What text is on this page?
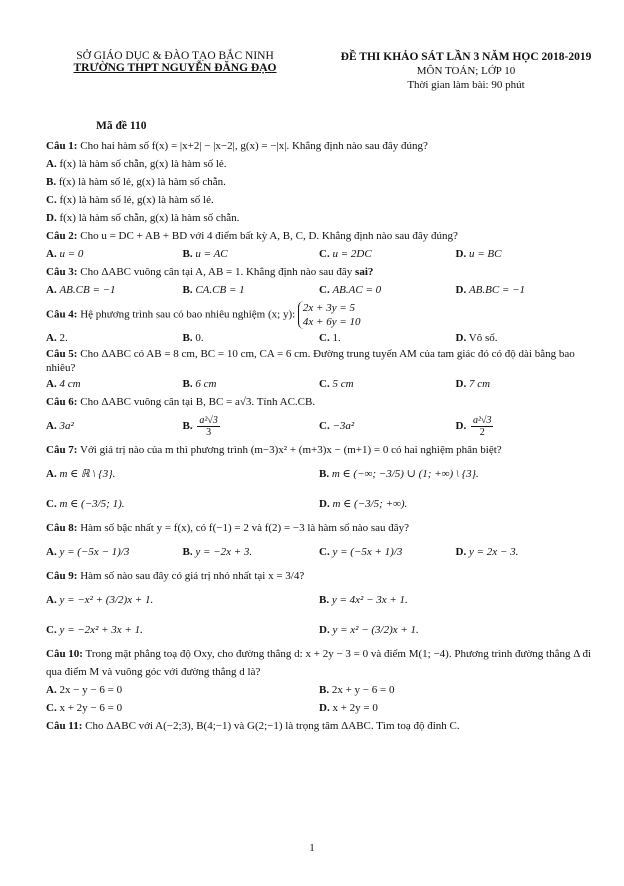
SỞ GIÁO DỤC & ĐÀO TẠO BẮC NINH
TRƯỜNG THPT NGUYỄN ĐĂNG ĐẠO
ĐỀ THI KHẢO SÁT LẦN 3 NĂM HỌC 2018-2019
MÔN TOÁN; LỚP 10
Thời gian làm bài: 90 phút
Mã đề 110

Câu 1: Cho hai hàm số f(x) = |x+2| − |x−2|, g(x) = −|x|. Khẳng định nào sau đây đúng?

A. f(x) là hàm số chẵn, g(x) là hàm số lẻ.
B. f(x) là hàm số lẻ, g(x) là hàm số chẵn.
C. f(x) là hàm số lẻ, g(x) là hàm số lẻ.
D. f(x) là hàm số chẵn, g(x) là hàm số chẵn.

Câu 2: Cho u = DC + AB + BD với 4 điểm bất kỳ A, B, C, D. Khẳng định nào sau đây đúng?

A. u = 0	B. u = AC	C. u = 2DC	D. u = BC

Câu 3: Cho ΔABC vuông cân tại A, AB = 1. Khẳng định nào sau đây sai?

A. AB.CB = −1	B. CA.CB = 1	C. AB.AC = 0	D. AB.BC = −1

Câu 4: Hệ phương trình sau có bao nhiêu nghiệm (x; y):
2x + 3y = 5
4x + 6y = 10

A. 2.	B. 0.	C. 1.	D. Vô số.

Câu 5: Cho ΔABC có AB = 8 cm, BC = 10 cm, CA = 6 cm. Đường trung tuyến AM của tam giác đó có độ dài bằng bao nhiêu?

A. 4 cm	B. 6 cm	C. 5 cm	D. 7 cm

Câu 6: Cho ΔABC vuông cân tại B, BC = a√3. Tính AC.CB.

A. 3a²	B. $\frac{\text{a²√3}}{3}$	C. −3a²	D. $\frac{\text{a²√3}}{2}$

Câu 7: Với giá trị nào của m thì phương trình (m−3)x² + (m+3)x − (m+1) = 0 có hai nghiệm phân biệt?

A. m ∈ ℝ \ {3}.	B. m ∈ (−∞; −3/5) ∪ (1; +∞) \ {3}.
C. m ∈ (−3/5; 1).	D. m ∈ (−3/5; +∞).

Câu 8: Hàm số bậc nhất y = f(x), có f(−1) = 2 và f(2) = −3 là hàm số nào sau đây?

A. y = (−5x − 1)/3	B. y = −2x + 3.	C. y = (−5x + 1)/3	D. y = 2x − 3.

Câu 9: Hàm số nào sau đây có giá trị nhỏ nhất tại x = 3/4?

A. y = −x² + (3/2)x + 1.	B. y = 4x² − 3x + 1.
C. y = −2x² + 3x + 1.	D. y = x² − (3/2)x + 1.

Câu 10: Trong mặt phẳng toạ độ Oxy, cho đường thẳng d: x + 2y − 3 = 0 và điểm M(1; −4). Phương trình đường thẳng Δ đi qua điểm M và vuông góc với đường thẳng d là?

A. 2x − y − 6 = 0	B. 2x + y − 6 = 0
C. x + 2y − 6 = 0	D. x + 2y = 0

Câu 11: Cho ΔABC với A(−2;3), B(4;−1) và G(2;−1) là trọng tâm ΔABC. Tìm toạ độ đỉnh C.

1
